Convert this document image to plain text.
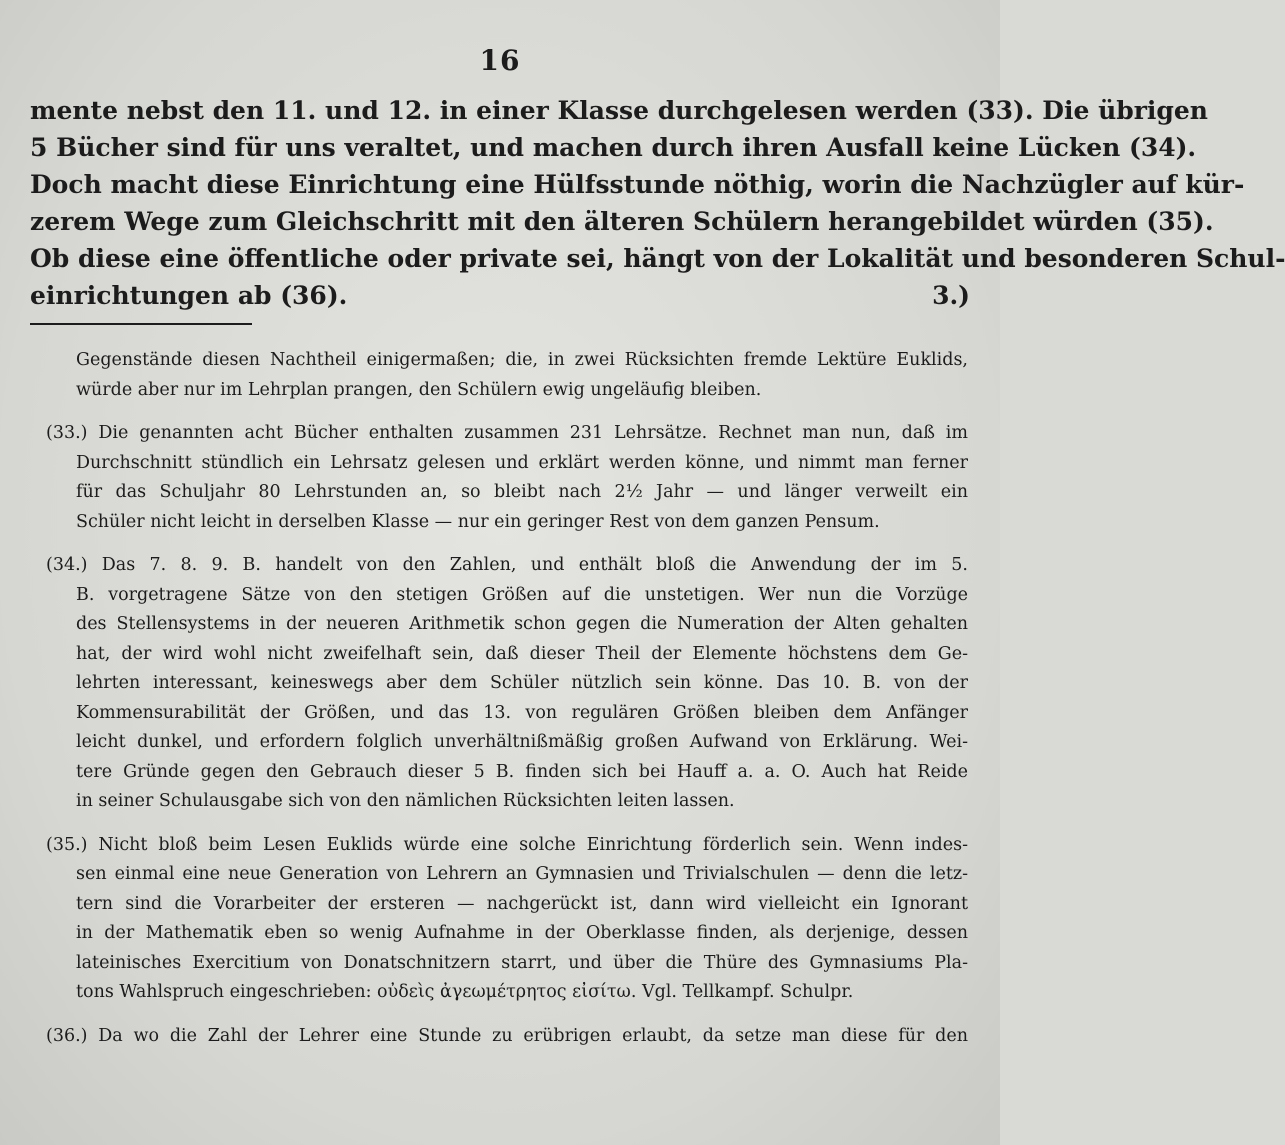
16
mente nebst den 11. und 12. in einer Klasse durchgelesen werden (33). Die übrigen
5 Bücher sind für uns veraltet, und machen durch ihren Ausfall keine Lücken (34).
Doch macht diese Einrichtung eine Hülfsstunde nöthig, worin die Nachzügler auf kür-
zerem Wege zum Gleichschritt mit den älteren Schülern herangebildet würden (35).
Ob diese eine öffentliche oder private sei, hängt von der Lokalität und besonderen Schul-
einrichtungen ab (36).	3.)
Gegenstände diesen Nachtheil einigermaßen; die, in zwei Rücksichten fremde Lektüre Euklids,
würde aber nur im Lehrplan prangen, den Schülern ewig ungeläufig bleiben.
(33.) Die genannten acht Bücher enthalten zusammen 231 Lehrsätze. Rechnet man nun, daß im
Durchschnitt stündlich ein Lehrsatz gelesen und erklärt werden könne, und nimmt man ferner
für das Schuljahr 80 Lehrstunden an, so bleibt nach 2½ Jahr — und länger verweilt ein
Schüler nicht leicht in derselben Klasse — nur ein geringer Rest von dem ganzen Pensum.
(34.) Das 7. 8. 9. B. handelt von den Zahlen, und enthält bloß die Anwendung der im 5.
B. vorgetragene Sätze von den stetigen Größen auf die unstetigen. Wer nun die Vorzüge
des Stellensystems in der neueren Arithmetik schon gegen die Numeration der Alten gehalten
hat, der wird wohl nicht zweifelhaft sein, daß dieser Theil der Elemente höchstens dem Ge-
lehrten interessant, keineswegs aber dem Schüler nützlich sein könne. Das 10. B. von der
Kommensurabilität der Größen, und das 13. von regulären Größen bleiben dem Anfänger
leicht dunkel, und erfordern folglich unverhältnißmäßig großen Aufwand von Erklärung. Wei-
tere Gründe gegen den Gebrauch dieser 5 B. finden sich bei Hauff a. a. O. Auch hat Reide
in seiner Schulausgabe sich von den nämlichen Rücksichten leiten lassen.
(35.) Nicht bloß beim Lesen Euklids würde eine solche Einrichtung förderlich sein. Wenn indes-
sen einmal eine neue Generation von Lehrern an Gymnasien und Trivialschulen — denn die letz-
tern sind die Vorarbeiter der ersteren — nachgerückt ist, dann wird vielleicht ein Ignorant
in der Mathematik eben so wenig Aufnahme in der Oberklasse finden, als derjenige, dessen
lateinisches Exercitium von Donatschnitzern starrt, und über die Thüre des Gymnasiums Pla-
tons Wahlspruch eingeschrieben: οὐδεὶς ἀγεωμέτρητος εἰσίτω. Vgl. Tellkampf. Schulpr.
(36.) Da wo die Zahl der Lehrer eine Stunde zu erübrigen erlaubt, da setze man diese für den
